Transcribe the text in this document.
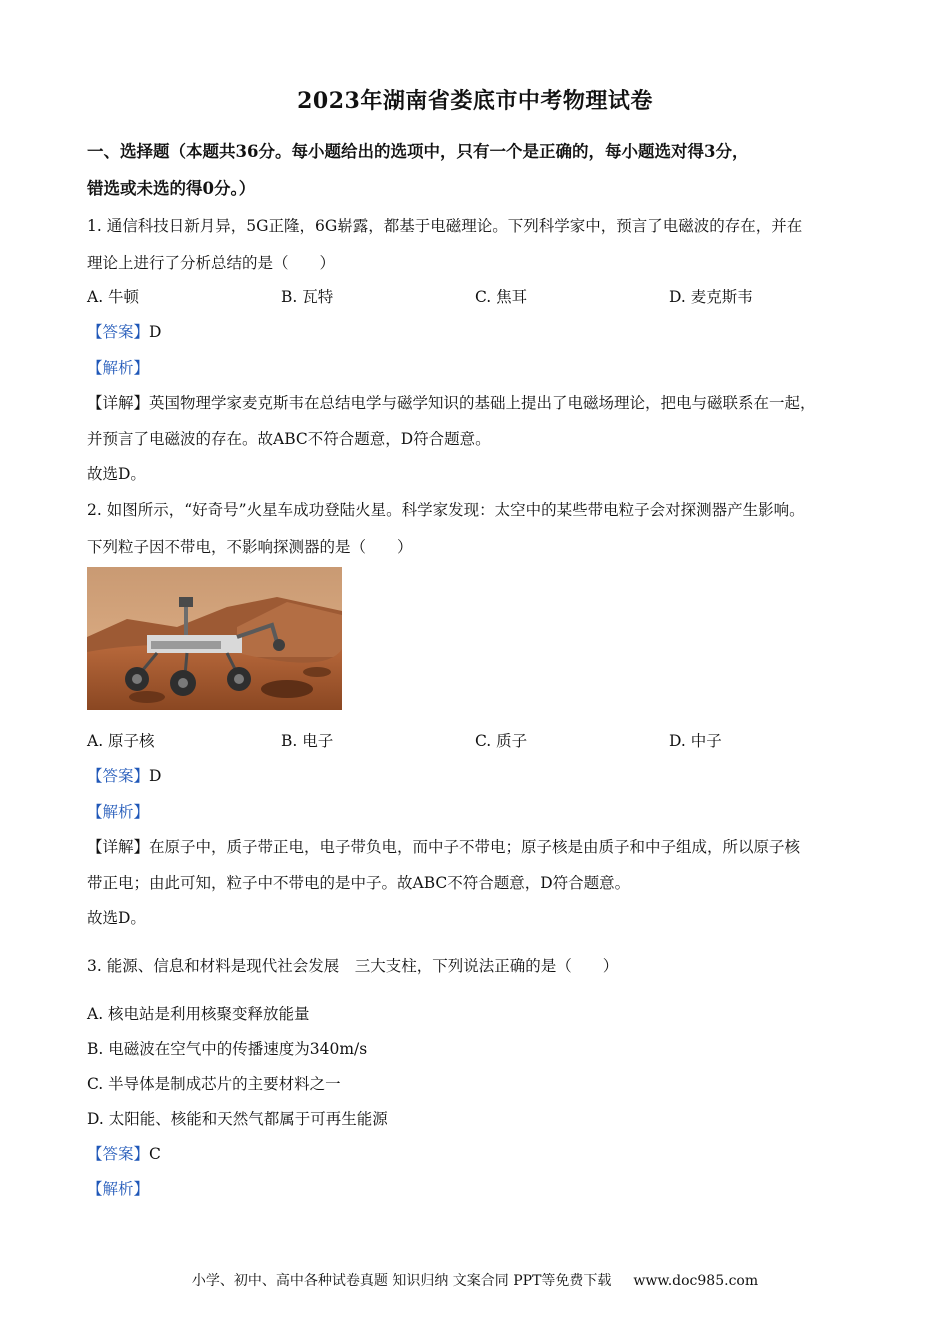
2023年湖南省娄底市中考物理试卷
一、选择题（本题共36分。每小题给出的选项中，只有一个是正确的，每小题选对得3分，
错选或未选的得0分。）
1. 通信科技日新月异，5G正隆，6G崭露，都基于电磁理论。下列科学家中，预言了电磁波的存在，并在
理论上进行了分析总结的是（　　）
A. 牛顿	B. 瓦特	C. 焦耳	D. 麦克斯韦
【答案】D
【解析】
【详解】英国物理学家麦克斯韦在总结电学与磁学知识的基础上提出了电磁场理论，把电与磁联系在一起，
并预言了电磁波的存在。故ABC不符合题意，D符合题意。
故选D。
2. 如图所示，“好奇号”火星车成功登陆火星。科学家发现：太空中的某些带电粒子会对探测器产生影响。
下列粒子因不带电，不影响探测器的是（　　）
A. 原子核	B. 电子	C. 质子	D. 中子
【答案】D
【解析】
【详解】在原子中，质子带正电，电子带负电，而中子不带电；原子核是由质子和中子组成，所以原子核
带正电；由此可知，粒子中不带电的是中子。故ABC不符合题意，D符合题意。
故选D。
3. 能源、信息和材料是现代社会发展　三大支柱，下列说法正确的是（　　）
A. 核电站是利用核聚变释放能量
B. 电磁波在空气中的传播速度为340m/s
C. 半导体是制成芯片的主要材料之一
D. 太阳能、核能和天然气都属于可再生能源
【答案】C
【解析】
小学、初中、高中各种试卷真题 知识归纳 文案合同 PPT等免费下载 www.doc985.com
